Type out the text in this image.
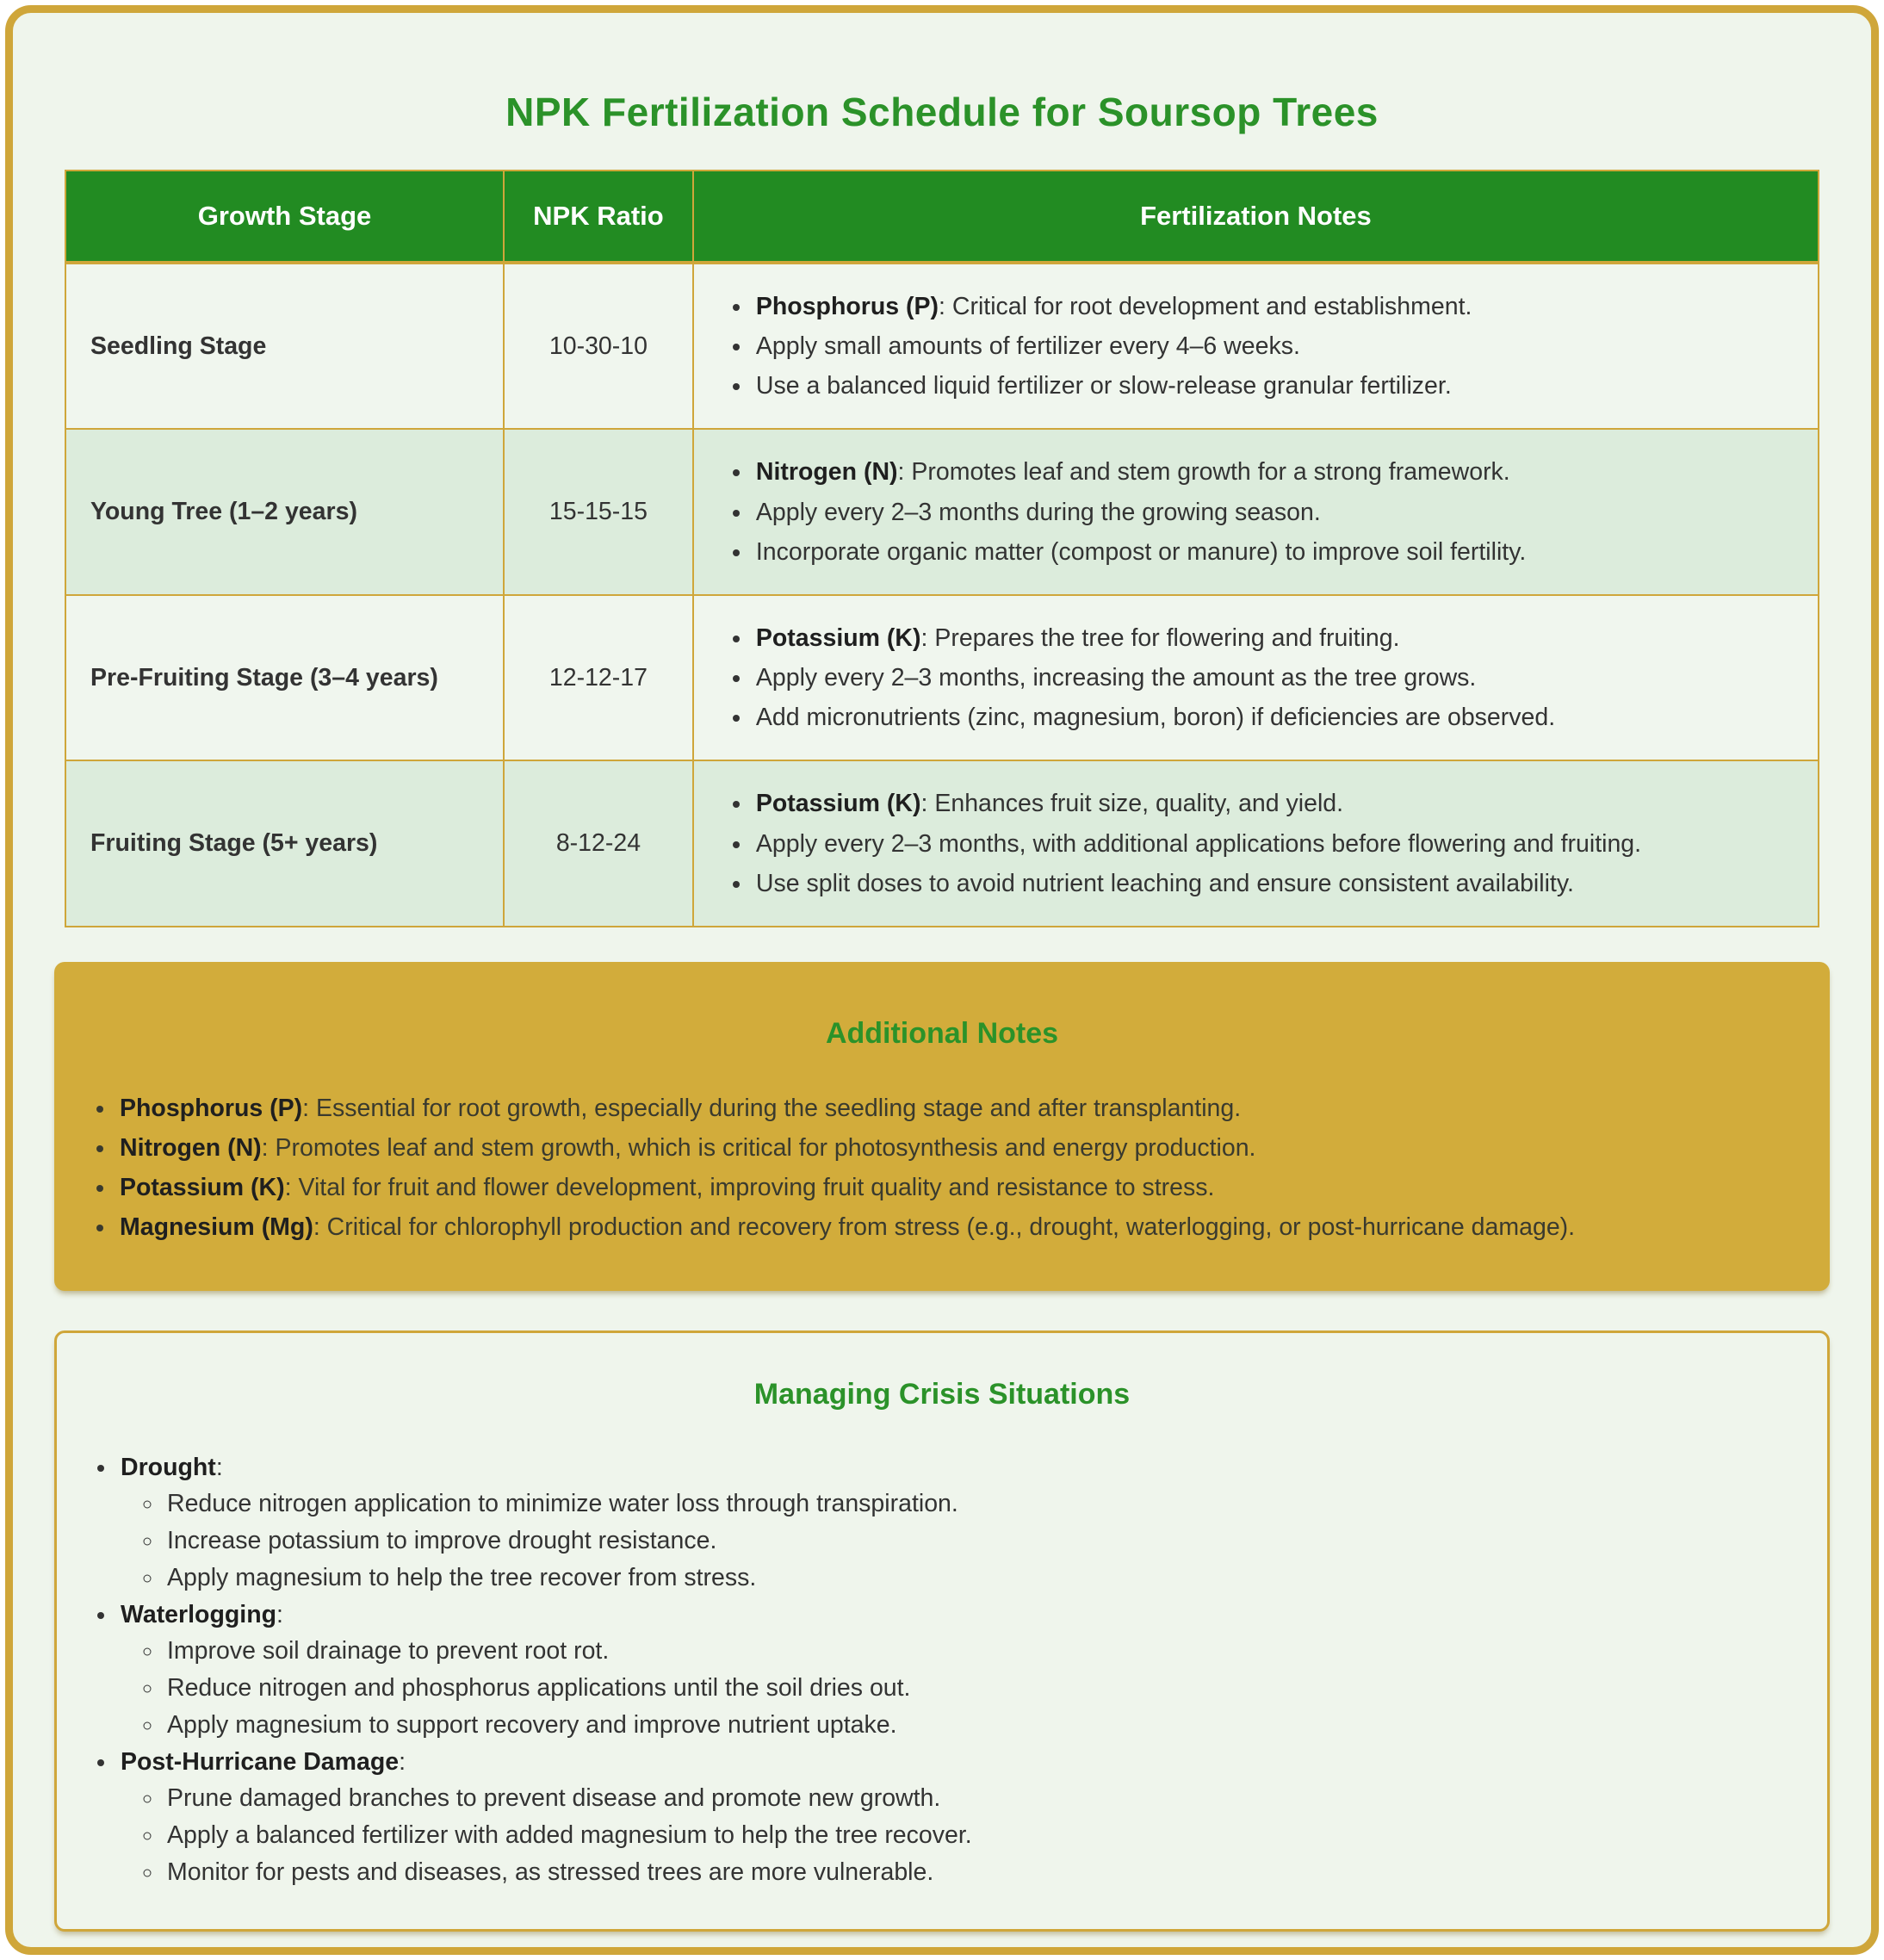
NPK Fertilization Schedule for Soursop Trees
Growth Stage	NPK Ratio	Fertilization Notes
Seedling Stage	10-30-10	
• Phosphorus (P): Critical for root development and establishment.
• Apply small amounts of fertilizer every 4–6 weeks.
• Use a balanced liquid fertilizer or slow-release granular fertilizer.

Young Tree (1–2 years)	15-15-15	
• Nitrogen (N): Promotes leaf and stem growth for a strong framework.
• Apply every 2–3 months during the growing season.
• Incorporate organic matter (compost or manure) to improve soil fertility.

Pre-Fruiting Stage (3–4 years)	12-12-17	
• Potassium (K): Prepares the tree for flowering and fruiting.
• Apply every 2–3 months, increasing the amount as the tree grows.
• Add micronutrients (zinc, magnesium, boron) if deficiencies are observed.

Fruiting Stage (5+ years)	8-12-24	
• Potassium (K): Enhances fruit size, quality, and yield.
• Apply every 2–3 months, with additional applications before flowering and fruiting.
• Use split doses to avoid nutrient leaching and ensure consistent availability.
Additional Notes
• Phosphorus (P): Essential for root growth, especially during the seedling stage and after transplanting.
• Nitrogen (N): Promotes leaf and stem growth, which is critical for photosynthesis and energy production.
• Potassium (K): Vital for fruit and flower development, improving fruit quality and resistance to stress.
• Magnesium (Mg): Critical for chlorophyll production and recovery from stress (e.g., drought, waterlogging, or post-hurricane damage).
Managing Crisis Situations
• Drought:
◦ Reduce nitrogen application to minimize water loss through transpiration.
◦ Increase potassium to improve drought resistance.
◦ Apply magnesium to help the tree recover from stress.
• Waterlogging:
◦ Improve soil drainage to prevent root rot.
◦ Reduce nitrogen and phosphorus applications until the soil dries out.
◦ Apply magnesium to support recovery and improve nutrient uptake.
• Post-Hurricane Damage:
◦ Prune damaged branches to prevent disease and promote new growth.
◦ Apply a balanced fertilizer with added magnesium to help the tree recover.
◦ Monitor for pests and diseases, as stressed trees are more vulnerable.
